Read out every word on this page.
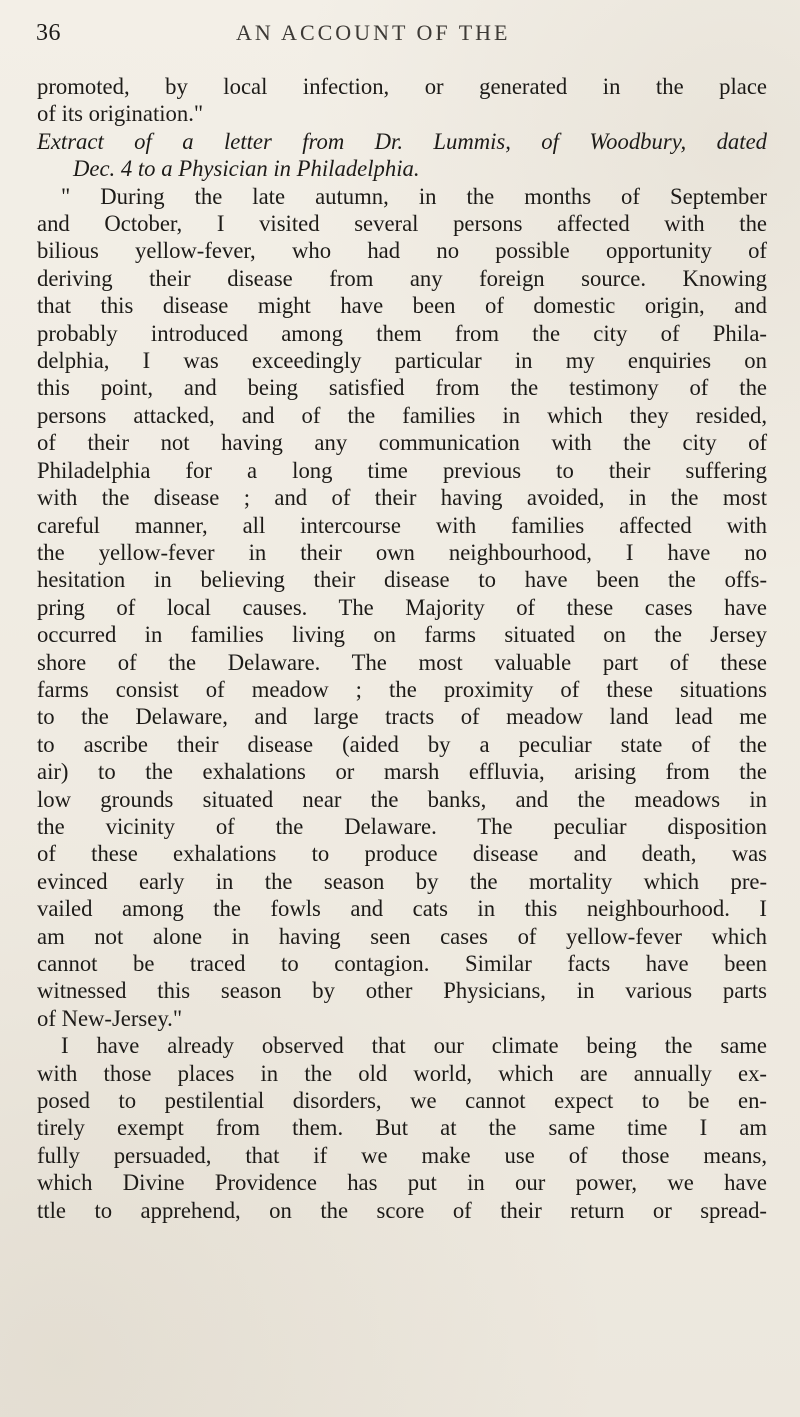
36	AN ACCOUNT OF THE
promoted, by local infection, or generated in the place
of its origination."
Extract of a letter from Dr. Lummis, of Woodbury, dated
Dec. 4 to a Physician in Philadelphia.
" During the late autumn, in the months of September
and October, I visited several persons affected with the
bilious yellow-fever, who had no possible opportunity of
deriving their disease from any foreign source. Knowing
that this disease might have been of domestic origin, and
probably introduced among them from the city of Phila-
delphia, I was exceedingly particular in my enquiries on
this point, and being satisfied from the testimony of the
persons attacked, and of the families in which they resided,
of their not having any communication with the city of
Philadelphia for a long time previous to their suffering
with the disease ; and of their having avoided, in the most
careful manner, all intercourse with families affected with
the yellow-fever in their own neighbourhood, I have no
hesitation in believing their disease to have been the offs-
pring of local causes. The Majority of these cases have
occurred in families living on farms situated on the Jersey
shore of the Delaware. The most valuable part of these
farms consist of meadow ; the proximity of these situations
to the Delaware, and large tracts of meadow land lead me
to ascribe their disease (aided by a peculiar state of the
air) to the exhalations or marsh effluvia, arising from the
low grounds situated near the banks, and the meadows in
the vicinity of the Delaware. The peculiar disposition
of these exhalations to produce disease and death, was
evinced early in the season by the mortality which pre-
vailed among the fowls and cats in this neighbourhood. I
am not alone in having seen cases of yellow-fever which
cannot be traced to contagion. Similar facts have been
witnessed this season by other Physicians, in various parts
of New-Jersey."
I have already observed that our climate being the same
with those places in the old world, which are annually ex-
posed to pestilential disorders, we cannot expect to be en-
tirely exempt from them. But at the same time I am
fully persuaded, that if we make use of those means,
which Divine Providence has put in our power, we have
ttle to apprehend, on the score of their return or spread-
